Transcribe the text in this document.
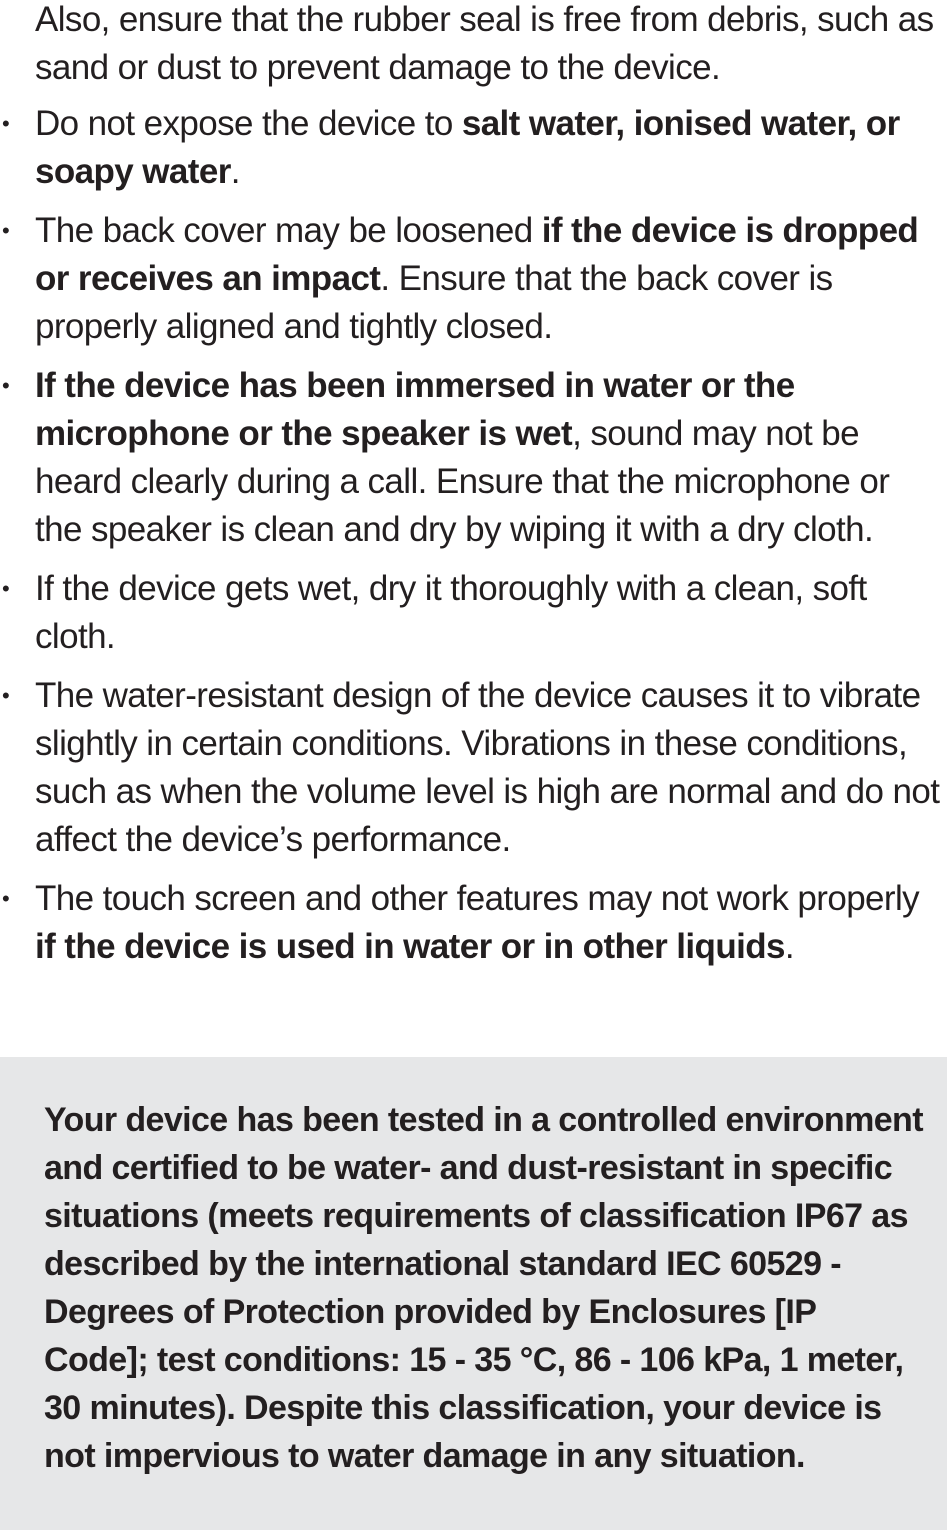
Also, ensure that the rubber seal is free from debris, such as sand or dust to prevent damage to the device.

• Do not expose the device to salt water, ionised water, or soapy water.
• The back cover may be loosened if the device is dropped or receives an impact. Ensure that the back cover is properly aligned and tightly closed.
• If the device has been immersed in water or the microphone or the speaker is wet, sound may not be heard clearly during a call. Ensure that the microphone or the speaker is clean and dry by wiping it with a dry cloth.
• If the device gets wet, dry it thoroughly with a clean, soft cloth.
• The water-resistant design of the device causes it to vibrate slightly in certain conditions. Vibrations in these conditions, such as when the volume level is high are normal and do not affect the device’s performance.
• The touch screen and other features may not work properly if the device is used in water or in other liquids.

Your device has been tested in a controlled environment and certified to be water- and dust-resistant in specific situations (meets requirements of classification IP67 as described by the international standard IEC 60529 - Degrees of Protection provided by Enclosures [IP Code]; test conditions: 15 - 35 °C, 86 - 106 kPa, 1 meter, 30 minutes). Despite this classification, your device is not impervious to water damage in any situation.
